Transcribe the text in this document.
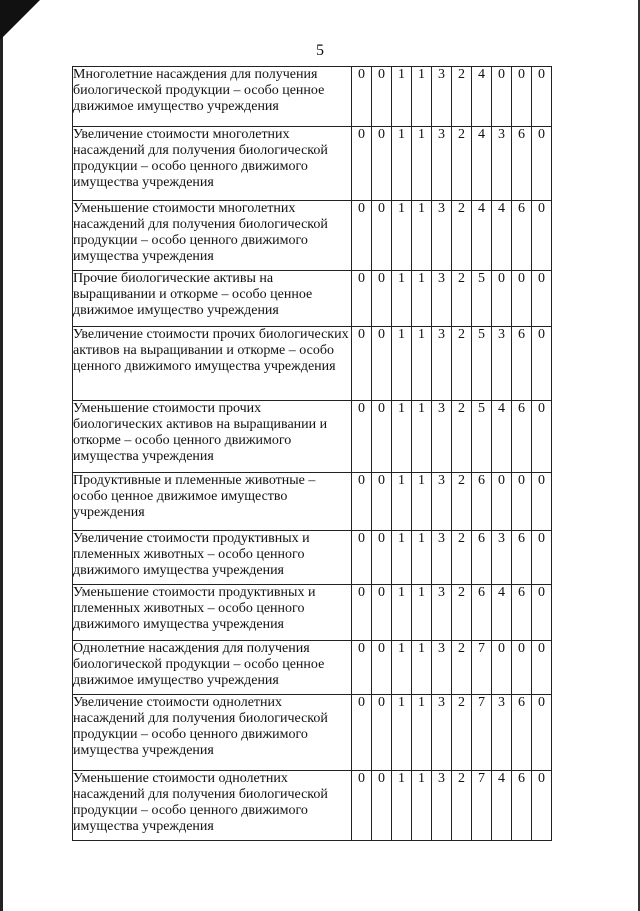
5
Многолетние насаждения для получения биологической продукции – особо ценное движимое имущество учреждения	0	0	1	1	3	2	4	0	0	0
Увеличение стоимости многолетних насаждений для получения биологической продукции – особо ценного движимого имущества учреждения	0	0	1	1	3	2	4	3	6	0
Уменьшение стоимости многолетних насаждений для получения биологической продукции – особо ценного движимого имущества учреждения	0	0	1	1	3	2	4	4	6	0
Прочие биологические активы на выращивании и откорме – особо ценное движимое имущество учреждения	0	0	1	1	3	2	5	0	0	0
Увеличение стоимости прочих биологических активов на выращивании и откорме – особо ценного движимого имущества учреждения	0	0	1	1	3	2	5	3	6	0
Уменьшение стоимости прочих биологических активов на выращивании и откорме – особо ценного движимого имущества учреждения	0	0	1	1	3	2	5	4	6	0
Продуктивные и племенные животные – особо ценное движимое имущество учреждения	0	0	1	1	3	2	6	0	0	0
Увеличение стоимости продуктивных и племенных животных – особо ценного движимого имущества учреждения	0	0	1	1	3	2	6	3	6	0
Уменьшение стоимости продуктивных и племенных животных – особо ценного движимого имущества учреждения	0	0	1	1	3	2	6	4	6	0
Однолетние насаждения для получения биологической продукции – особо ценное движимое имущество учреждения	0	0	1	1	3	2	7	0	0	0
Увеличение стоимости однолетних насаждений для получения биологической продукции – особо ценного движимого имущества учреждения	0	0	1	1	3	2	7	3	6	0
Уменьшение стоимости однолетних насаждений для получения биологической продукции – особо ценного движимого имущества учреждения	0	0	1	1	3	2	7	4	6	0
